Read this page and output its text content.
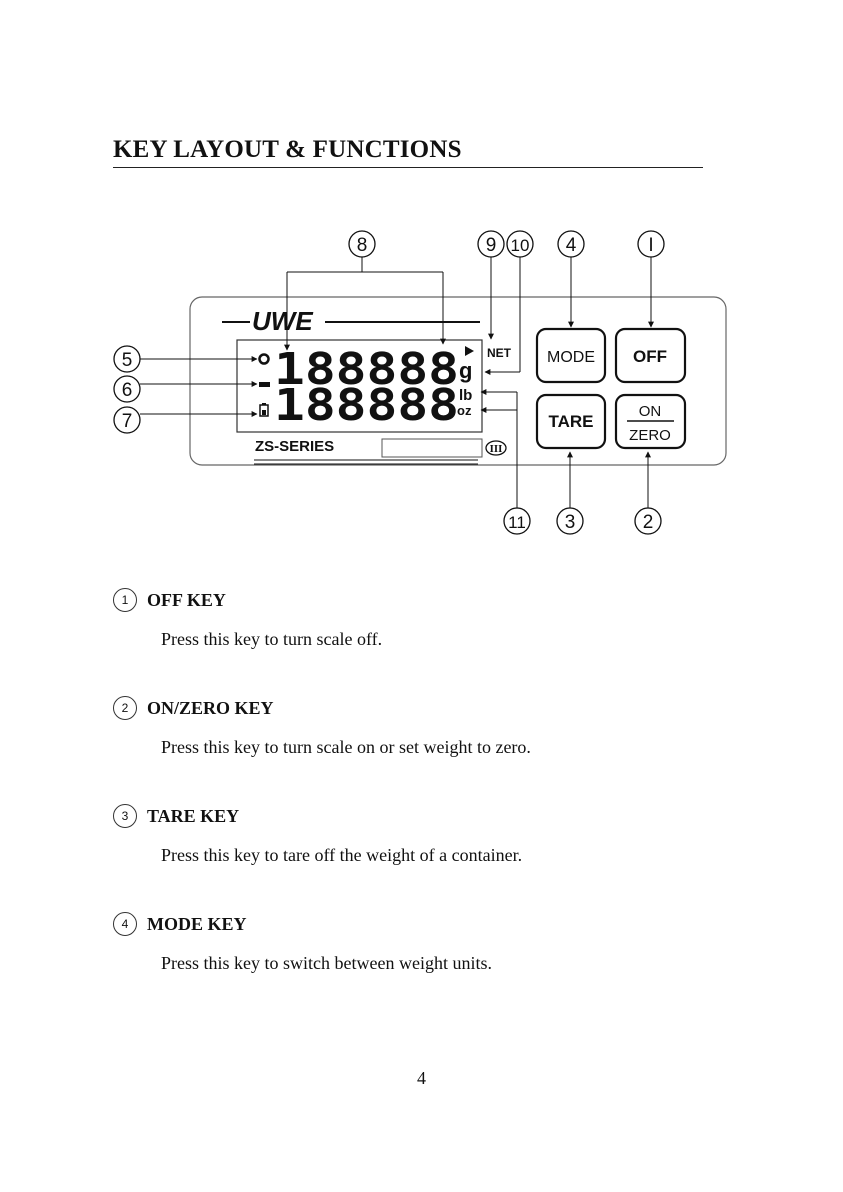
KEY LAYOUT & FUNCTIONS
UWE
188888
188888
g
lb
oz
NET
ZS-SERIES	III
MODE OFF
TARE
ON
ZERO
8	9 10 4	I
5
6
7
11 3	2
1	OFF KEY
Press this key to turn scale off.
2	ON/ZERO KEY
Press this key to turn scale on or set weight to zero.
3	TARE KEY
Press this key to tare off the weight of a container.
4	MODE KEY
Press this key to switch between weight units.
4
